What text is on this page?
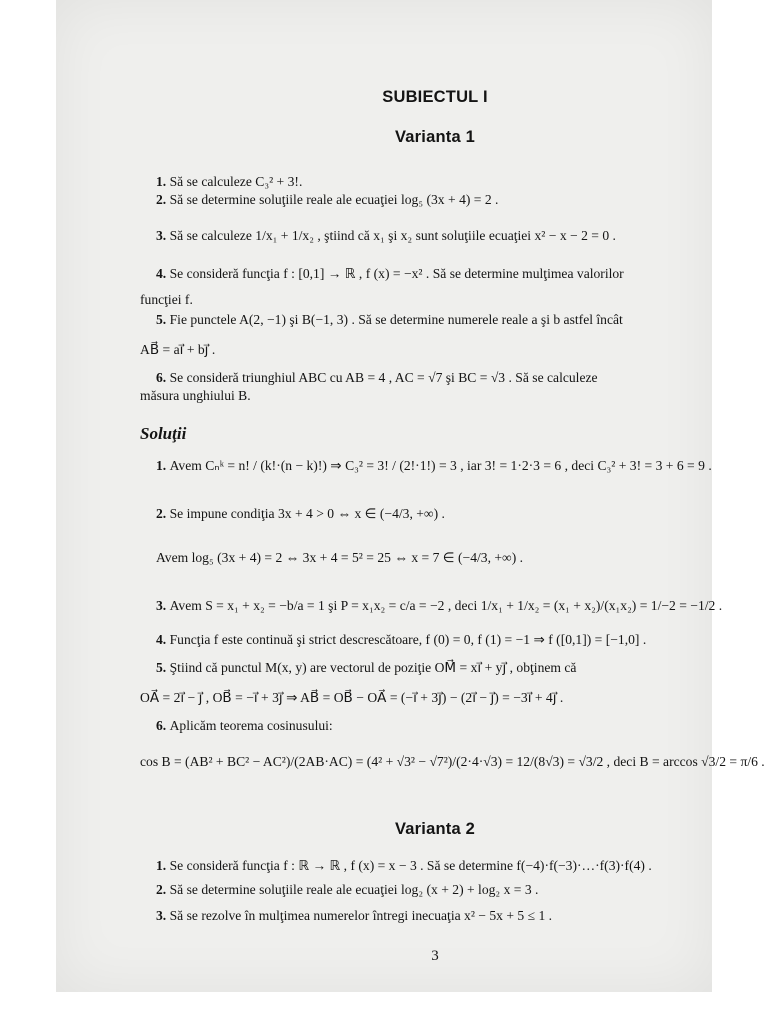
SUBIECTUL I
Varianta 1
1. Să se calculeze C₃² + 3!.
2. Să se determine soluţiile reale ale ecuaţiei log₅ (3x + 4) = 2 .
3. Să se calculeze 1/x₁ + 1/x₂ , ştiind că x₁ şi x₂ sunt soluţiile ecuaţiei x² − x − 2 = 0 .
4. Se consideră funcţia f : [0,1] → ℝ , f (x) = −x² . Să se determine mulţimea valorilor
funcţiei f.
5. Fie punctele A(2, −1) şi B(−1, 3) . Să se determine numerele reale a şi b astfel încât
AB⃗ = ai⃗ + bj⃗ .
6. Se consideră triunghiul ABC cu AB = 4 , AC = √7 şi BC = √3 . Să se calculeze
măsura unghiului B.
Soluţii
1. Avem Cₙᵏ = n! / (k!·(n − k)!) ⇒ C₃² = 3! / (2!·1!) = 3 , iar 3! = 1·2·3 = 6 , deci C₃² + 3! = 3 + 6 = 9 .
2. Se impune condiţia 3x + 4 > 0 ⇔ x ∈ (−4/3, +∞) .
Avem log₅ (3x + 4) = 2 ⇔ 3x + 4 = 5² = 25 ⇔ x = 7 ∈ (−4/3, +∞) .
3. Avem S = x₁ + x₂ = −b/a = 1 şi P = x₁x₂ = c/a = −2 , deci 1/x₁ + 1/x₂ = (x₁ + x₂)/(x₁x₂) = 1/−2 = −1/2 .
4. Funcţia f este continuă şi strict descrescătoare, f (0) = 0, f (1) = −1 ⇒ f ([0,1]) = [−1,0] .
5. Ştiind că punctul M(x, y) are vectorul de poziţie OM⃗ = xi⃗ + yj⃗ , obţinem că
OA⃗ = 2i⃗ − j⃗ , OB⃗ = −i⃗ + 3j⃗ ⇒ AB⃗ = OB⃗ − OA⃗ = (−i⃗ + 3j⃗) − (2i⃗ − j⃗) = −3i⃗ + 4j⃗ .
6. Aplicăm teorema cosinusului:
cos B = (AB² + BC² − AC²)/(2AB·AC) = (4² + √3² − √7²)/(2·4·√3) = 12/(8√3) = √3/2 , deci B = arccos √3/2 = π/6 .
Varianta 2
1. Se consideră funcţia f : ℝ → ℝ , f (x) = x − 3 . Să se determine f(−4)·f(−3)·…·f(3)·f(4) .
2. Să se determine soluţiile reale ale ecuaţiei log₂ (x + 2) + log₂ x = 3 .
3. Să se rezolve în mulţimea numerelor întregi inecuaţia x² − 5x + 5 ≤ 1 .
3
